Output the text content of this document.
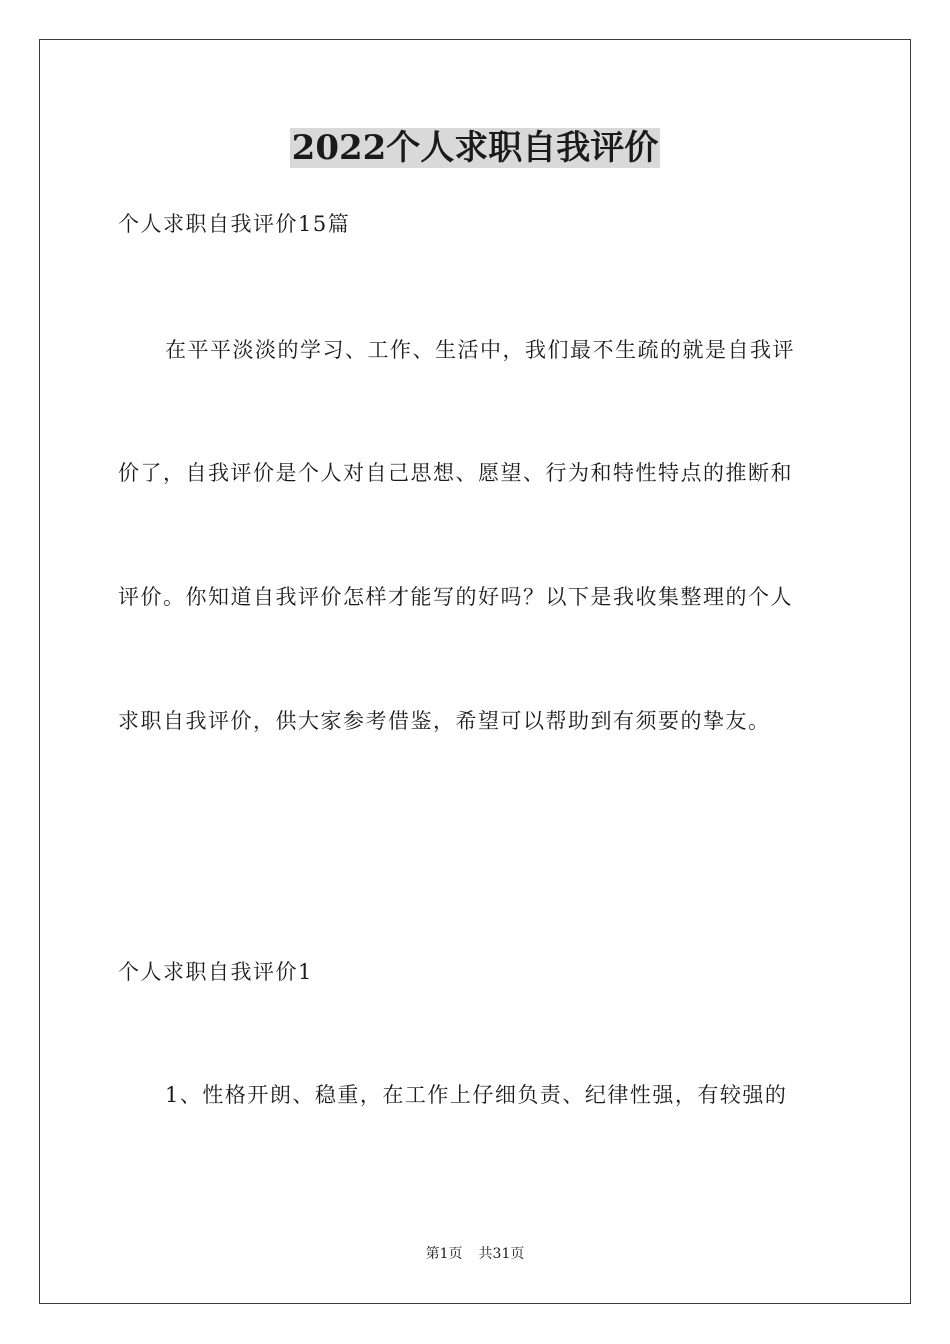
2022个人求职自我评价

个人求职自我评价15篇

在平平淡淡的学习、工作、生活中，我们最不生疏的就是自我评

价了，自我评价是个人对自己思想、愿望、行为和特性特点的推断和

评价。你知道自我评价怎样才能写的好吗？以下是我收集整理的个人

求职自我评价，供大家参考借鉴，希望可以帮助到有须要的挚友。

个人求职自我评价1

1、性格开朗、稳重，在工作上仔细负责、纪律性强，有较强的

第1页 共31页
